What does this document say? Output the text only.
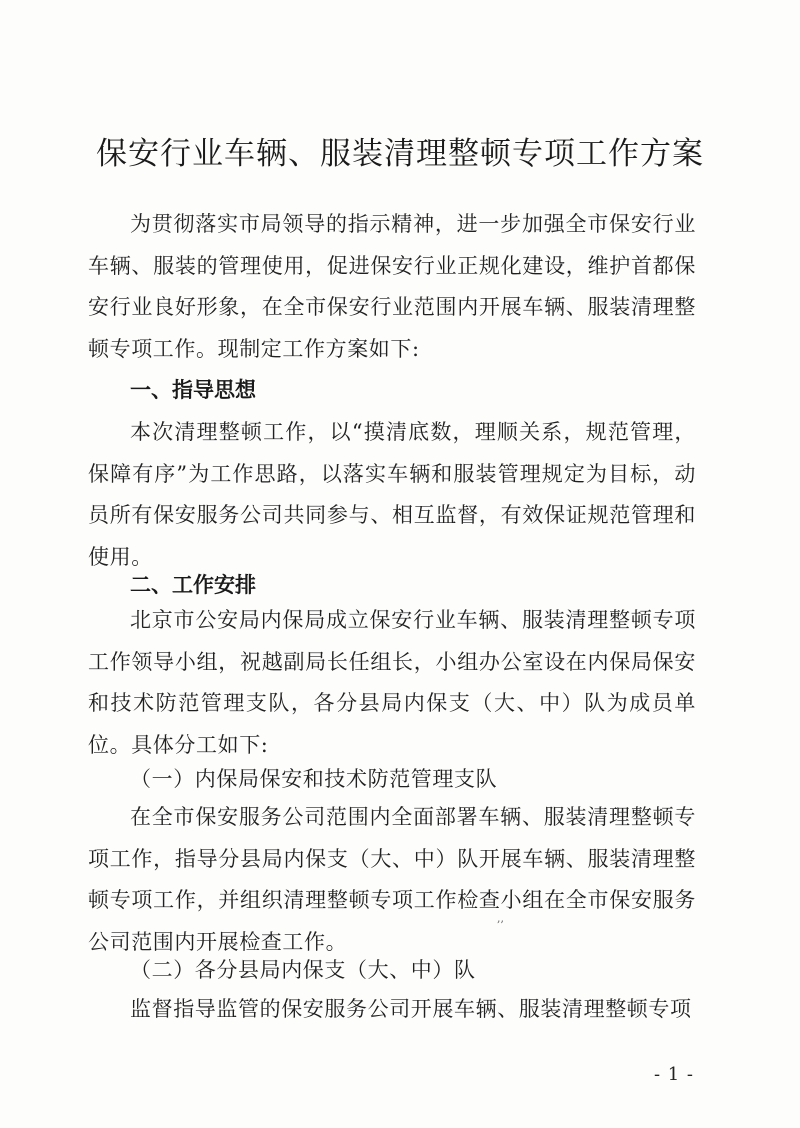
保安行业车辆、服装清理整顿专项工作方案

为贯彻落实市局领导的指示精神，进一步加强全市保安行业车辆、服装的管理使用，促进保安行业正规化建设，维护首都保安行业良好形象，在全市保安行业范围内开展车辆、服装清理整顿专项工作。现制定工作方案如下:

一、指导思想

本次清理整顿工作，以“摸清底数，理顺关系，规范管理，保障有序”为工作思路，以落实车辆和服装管理规定为目标，动员所有保安服务公司共同参与、相互监督，有效保证规范管理和使用。

二、工作安排

北京市公安局内保局成立保安行业车辆、服装清理整顿专项工作领导小组，祝越副局长任组长，小组办公室设在内保局保安和技术防范管理支队，各分县局内保支（大、中）队为成员单位。具体分工如下:

（一）内保局保安和技术防范管理支队

在全市保安服务公司范围内全面部署车辆、服装清理整顿专项工作，指导分县局内保支（大、中）队开展车辆、服装清理整顿专项工作，并组织清理整顿专项工作检查小组在全市保安服务公司范围内开展检查工作。

,,

（二）各分县局内保支（大、中）队

监督指导监管的保安服务公司开展车辆、服装清理整顿专项

- 1 -
